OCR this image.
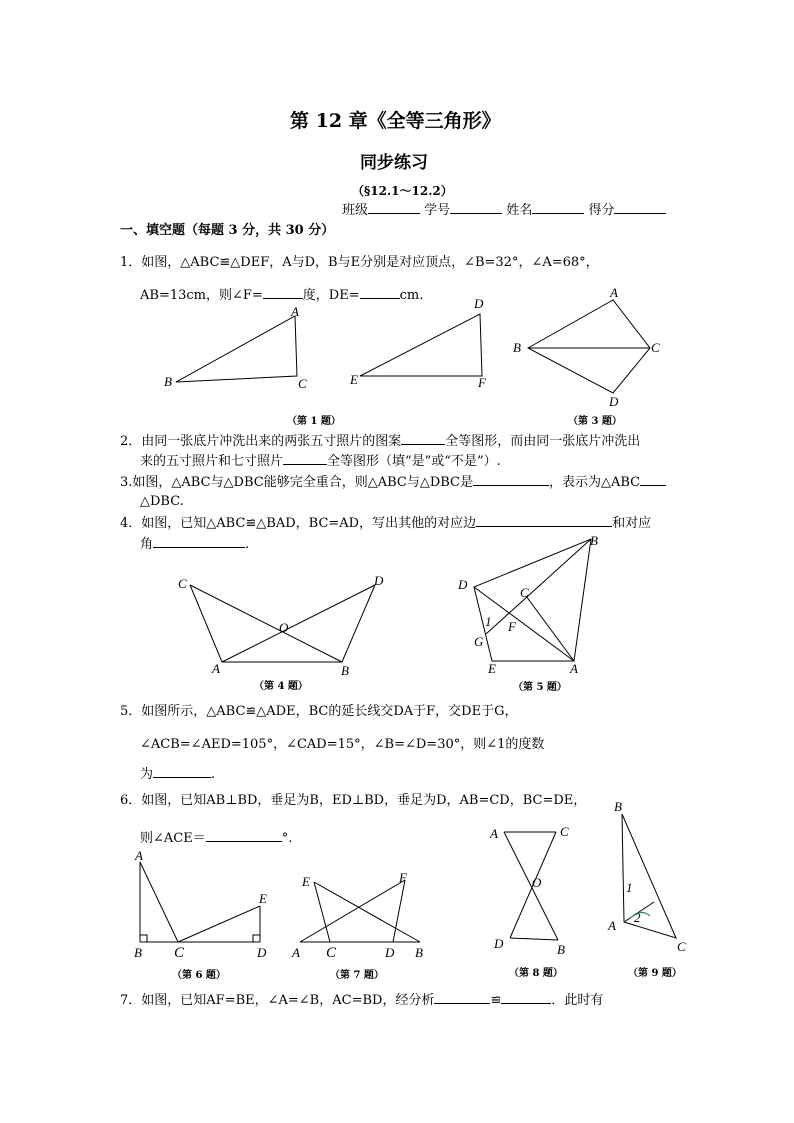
第 12 章《全等三角形》
同步练习
（§12.1～12.2）
班级	学号	姓名	得分
一、填空题（每题 3 分，共 30 分）
1．如图，△ABC≌△DEF，A与D，B与E分别是对应顶点，∠B=32°，∠A=68°，
AB=13cm，则∠F=	度，DE=	cm.
A
B	C
D
E	F
（第 1 题）
A
B	C
D
（第 3 题）
2．由同一张底片冲洗出来的两张五寸照片的图案	全等图形，而由同一张底片冲洗出
来的五寸照片和七寸照片	全等图形（填“是”或“不是”）.
3.如图，△ABC与△DBC能够完全重合，则△ABC与△DBC是	，表示为△ABC
△DBC.
4．如图，已知△ABC≌△BAD，BC=AD，写出其他的对应边	和对应
角	.
C	D
O
A	B
（第 4 题）
B
D
C
1 F
G
E	A
（第 5 题）
5．如图所示，△ABC≌△ADE，BC的延长线交DA于F，交DE于G，
∠ACB=∠AED=105°，∠CAD=15°，∠B=∠D=30°，则∠1的度数
为	.
6．如图，已知AB⊥BD，垂足为B，ED⊥BD，垂足为D，AB=CD，BC=DE，
则∠ACE＝	°.
A
E
B C	D
（第 6 题）
E	F
A C	D B
（第 7 题）
A	C
O
D	B
（第 8 题）
B
1
2
A
C
（第 9 题）
7．如图，已知AF=BE，∠A=∠B，AC=BD，经分析	≌	．此时有
